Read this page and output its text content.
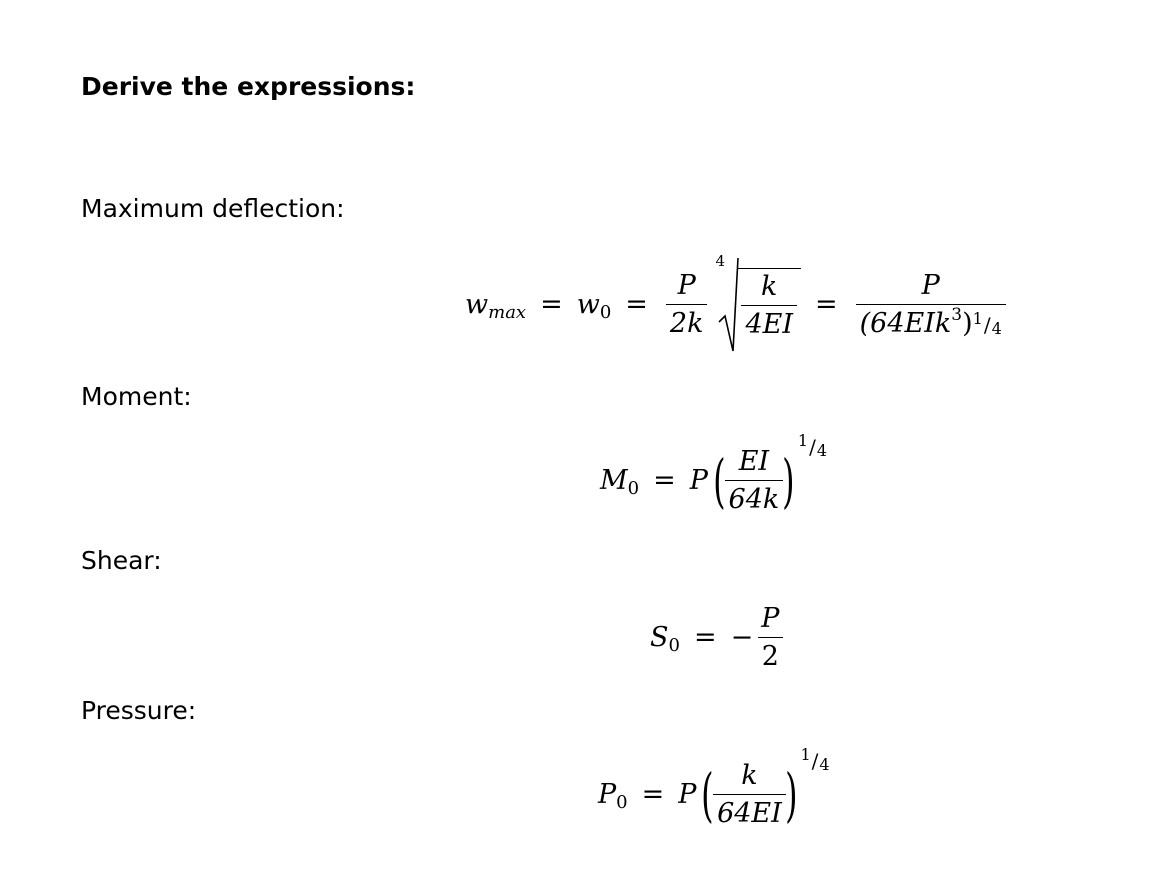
Derive the expressions:
Maximum deflection:
w max = w $0 = \frac{P}{2k}$
4
$\frac{k}{4EI} = \frac{P}{(64EIk^3) 1 / 4}$
Moment:
M 0 = P ( $\frac{EI}{64k}$ )
1 / 4
Shear:
S 0 = − $\frac{P}{2}$
Pressure:
P 0 = P ( $\frac{k}{64EI}$ )
1 / 4
